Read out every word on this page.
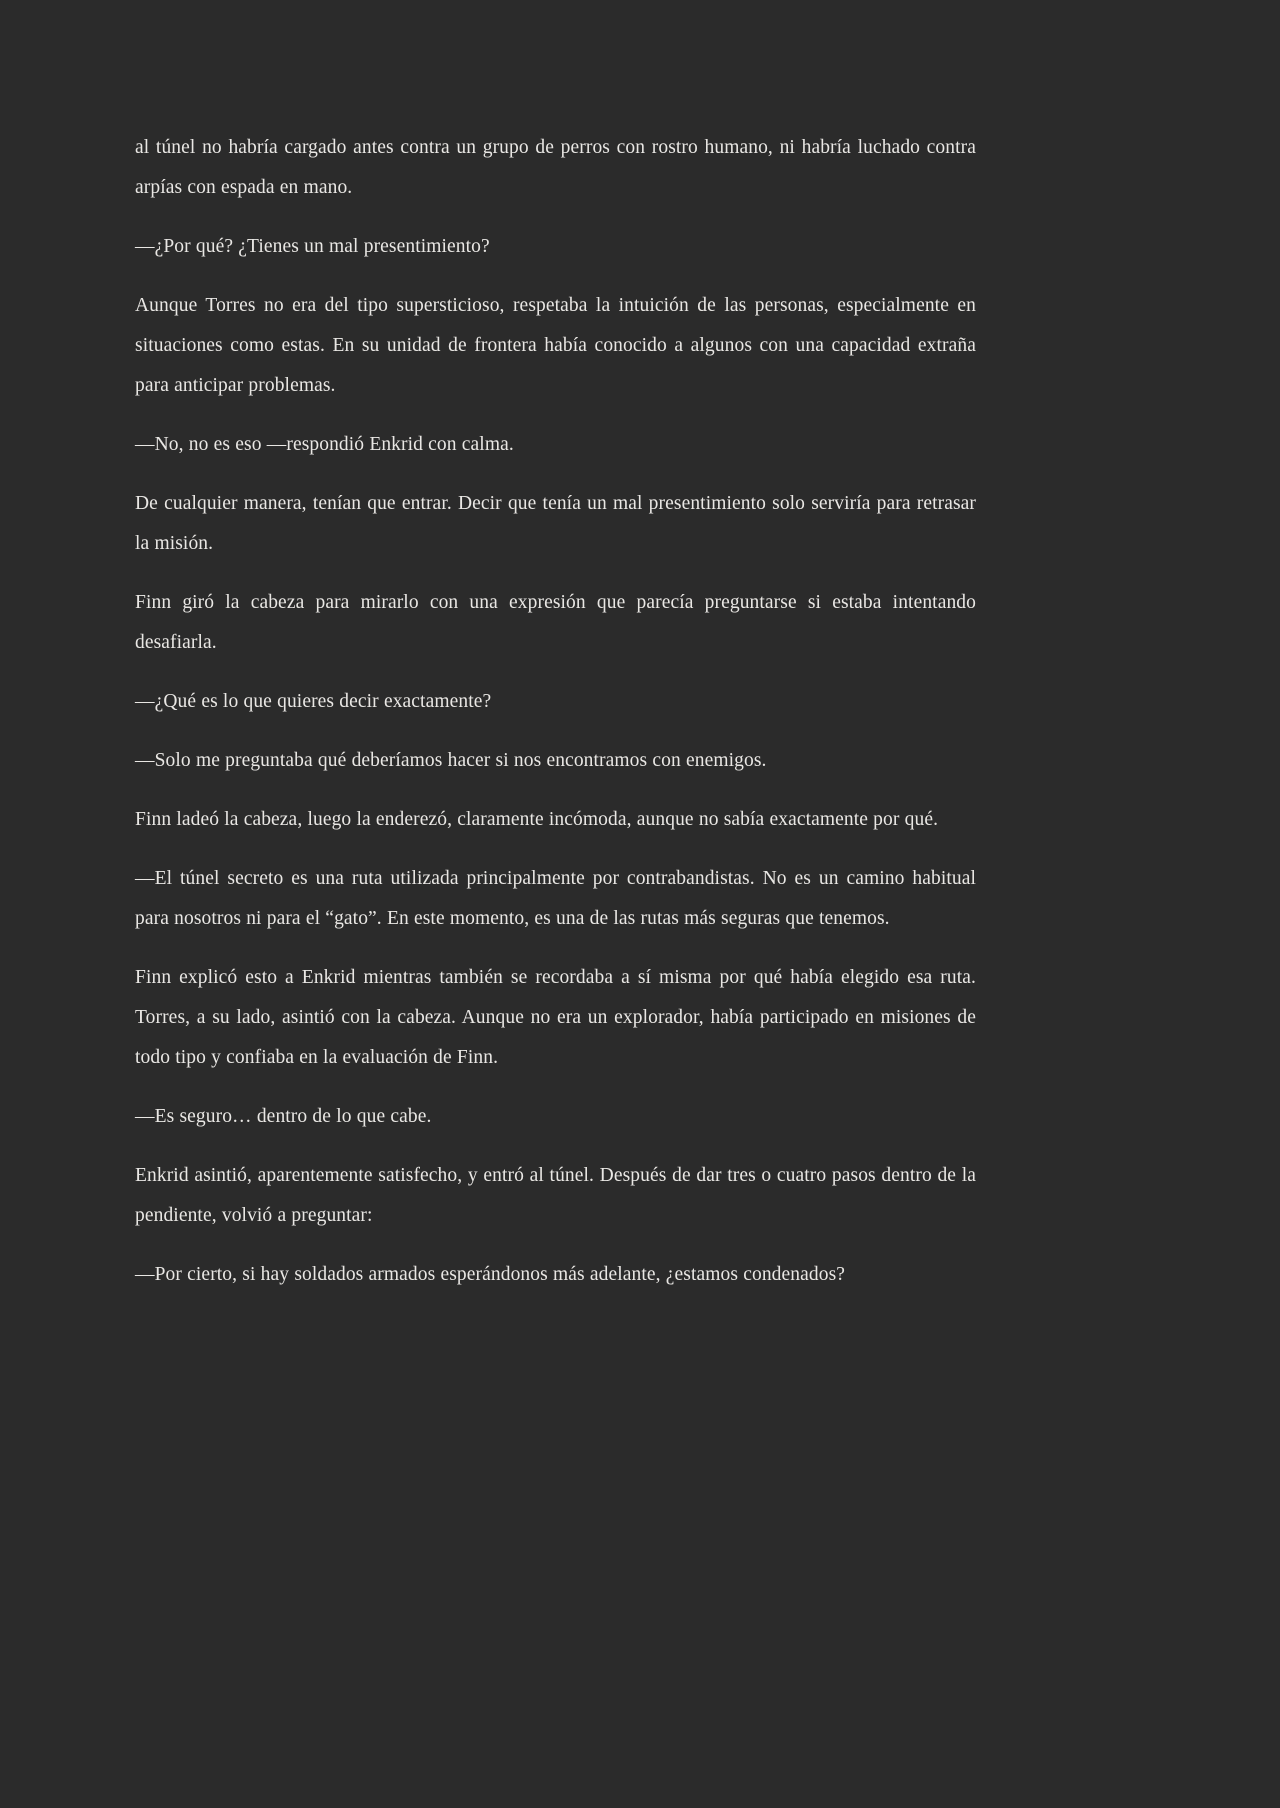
al túnel no habría cargado antes contra un grupo de perros con rostro humano, ni habría luchado contra arpías con espada en mano.

—¿Por qué? ¿Tienes un mal presentimiento?

Aunque Torres no era del tipo supersticioso, respetaba la intuición de las personas, especialmente en situaciones como estas. En su unidad de frontera había conocido a algunos con una capacidad extraña para anticipar problemas.

—No, no es eso —respondió Enkrid con calma.

De cualquier manera, tenían que entrar. Decir que tenía un mal presentimiento solo serviría para retrasar la misión.

Finn giró la cabeza para mirarlo con una expresión que parecía preguntarse si estaba intentando desafiarla.

—¿Qué es lo que quieres decir exactamente?

—Solo me preguntaba qué deberíamos hacer si nos encontramos con enemigos.

Finn ladeó la cabeza, luego la enderezó, claramente incómoda, aunque no sabía exactamente por qué.

—El túnel secreto es una ruta utilizada principalmente por contrabandistas. No es un camino habitual para nosotros ni para el “gato”. En este momento, es una de las rutas más seguras que tenemos.

Finn explicó esto a Enkrid mientras también se recordaba a sí misma por qué había elegido esa ruta. Torres, a su lado, asintió con la cabeza. Aunque no era un explorador, había participado en misiones de todo tipo y confiaba en la evaluación de Finn.

—Es seguro… dentro de lo que cabe.

Enkrid asintió, aparentemente satisfecho, y entró al túnel. Después de dar tres o cuatro pasos dentro de la pendiente, volvió a preguntar:

—Por cierto, si hay soldados armados esperándonos más adelante, ¿estamos condenados?
